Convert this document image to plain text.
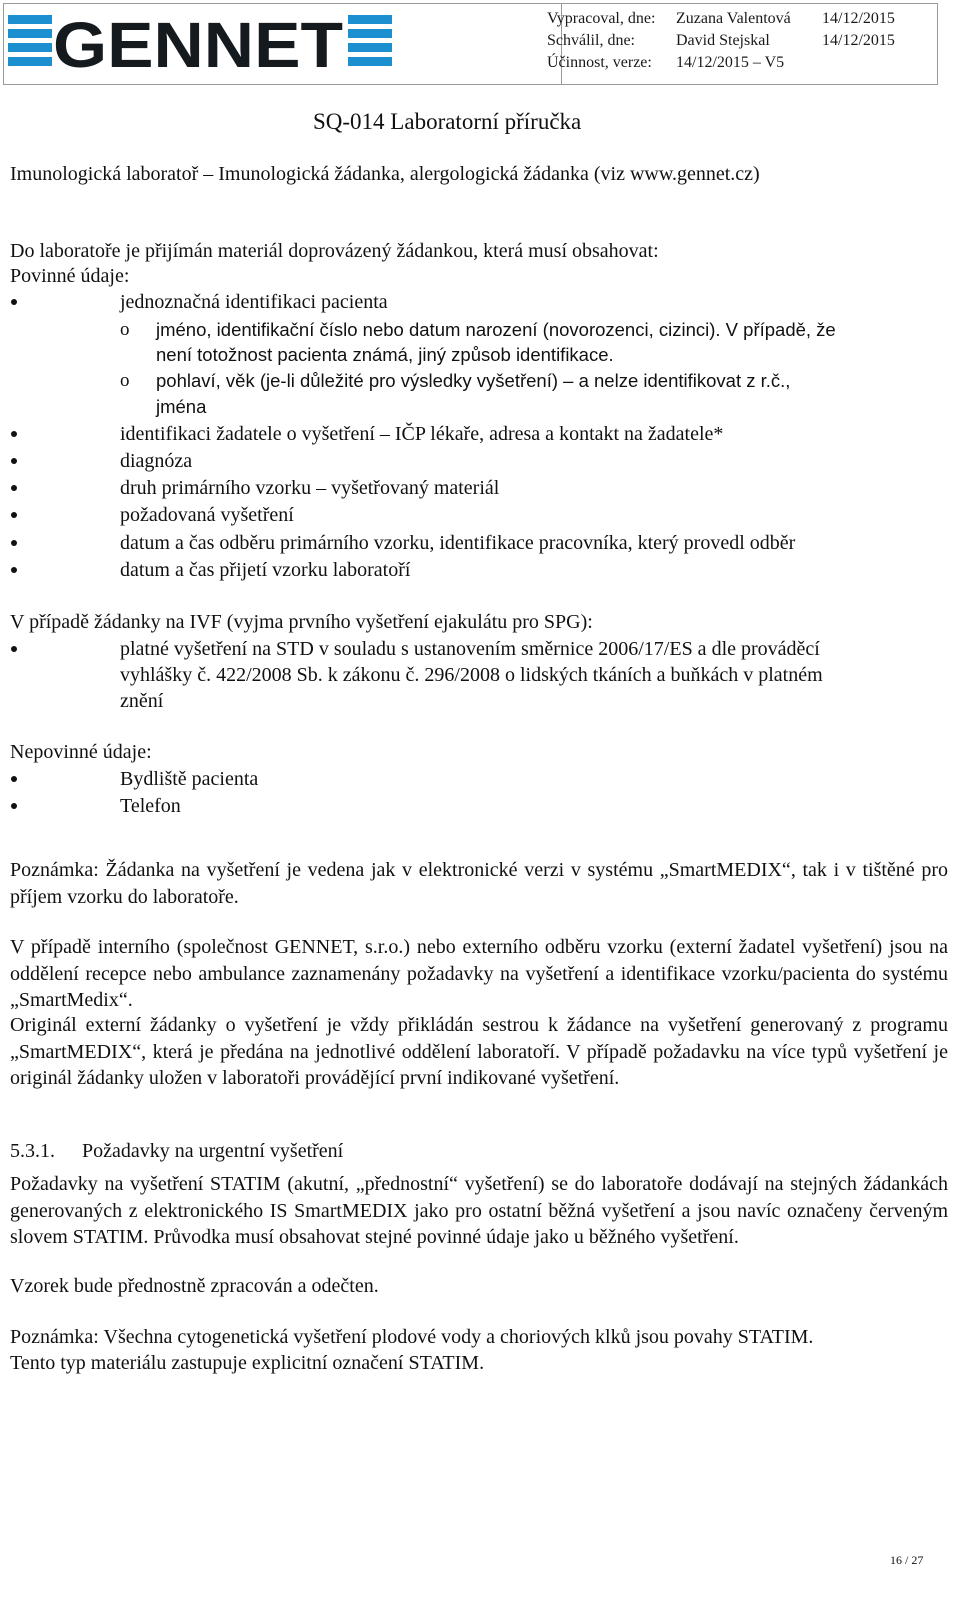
GENNET	Vypracoval, dne:
Schválil, dne:
Účinnost, verze:
Zuzana Valentová 14/12/2015
David Stejskal	14/12/2015
14/12/2015 – V5
SQ-014 Laboratorní příručka
Imunologická laboratoř – Imunologická žádanka, alergologická žádanka (viz www.gennet.cz)
Do laboratoře je přijímán materiál doprovázený žádankou, která musí obsahovat:
Povinné údaje:
jednoznačná identifikaci pacienta
o jméno, identifikační číslo nebo datum narození (novorozenci, cizinci). V případě, že
není totožnost pacienta známá, jiný způsob identifikace.
o pohlaví, věk (je-li důležité pro výsledky vyšetření) – a nelze identifikovat z r.č.,
jména
identifikaci žadatele o vyšetření – IČP lékaře, adresa a kontakt na žadatele*
diagnóza
druh primárního vzorku – vyšetřovaný materiál
požadovaná vyšetření
datum a čas odběru primárního vzorku, identifikace pracovníka, který provedl odběr
datum a čas přijetí vzorku laboratoří
V případě žádanky na IVF (vyjma prvního vyšetření ejakulátu pro SPG):
platné vyšetření na STD v souladu s ustanovením směrnice 2006/17/ES a dle prováděcí
vyhlášky č. 422/2008 Sb. k zákonu č. 296/2008 o lidských tkáních a buňkách v platném
znění
Nepovinné údaje:
Bydliště pacienta
Telefon
Poznámka: Žádanka na vyšetření je vedena jak v elektronické verzi v systému „SmartMEDIX“, tak i v tištěné pro příjem vzorku do laboratoře.
V případě interního (společnost GENNET, s.r.o.) nebo externího odběru vzorku (externí žadatel vyšetření) jsou na oddělení recepce nebo ambulance zaznamenány požadavky na vyšetření a identifikace vzorku/pacienta do systému „SmartMedix“.
Originál externí žádanky o vyšetření je vždy přikládán sestrou k žádance na vyšetření generovaný z programu „SmartMEDIX“, která je předána na jednotlivé oddělení laboratoří. V případě požadavku na více typů vyšetření je originál žádanky uložen v laboratoři provádějící první indikované vyšetření.
5.3.1. Požadavky na urgentní vyšetření
Požadavky na vyšetření STATIM (akutní, „přednostní“ vyšetření) se do laboratoře dodávají na stejných žádankách generovaných z elektronického IS SmartMEDIX jako pro ostatní běžná vyšetření a jsou navíc označeny červeným slovem STATIM. Průvodka musí obsahovat stejné povinné údaje jako u běžného vyšetření.
Vzorek bude přednostně zpracován a odečten.
Poznámka: Všechna cytogenetická vyšetření plodové vody a choriových klků jsou povahy STATIM.
Tento typ materiálu zastupuje explicitní označení STATIM.
16 / 27
